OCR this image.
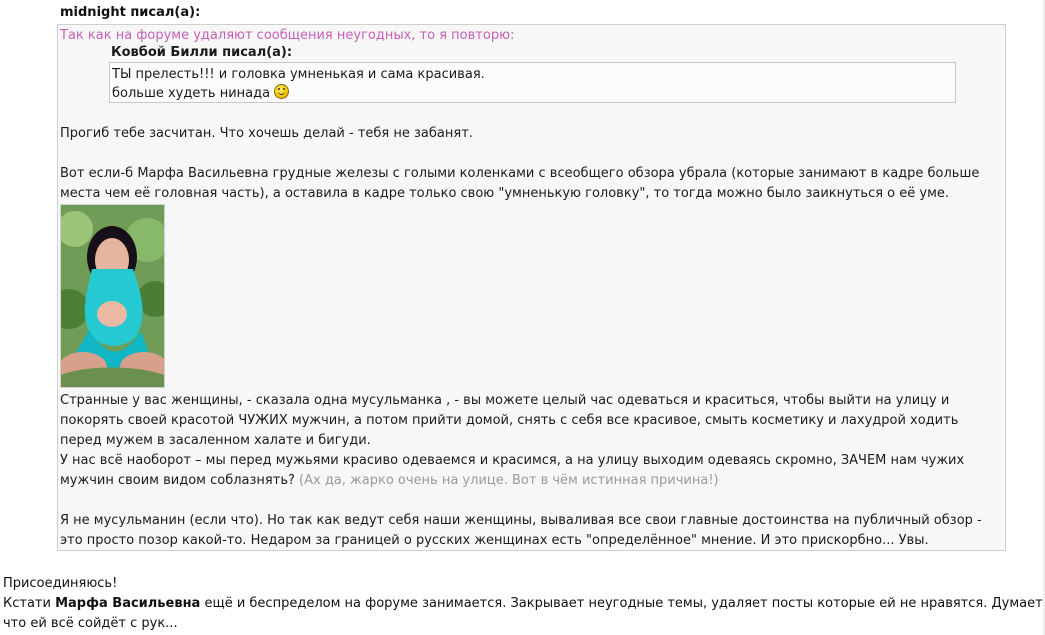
midnight писал(а):
Так как на форуме удаляют сообщения неугодных, то я повторю:
Ковбой Билли писал(а):
ТЫ прелесть!!! и головка умненькая и сама красивая.
больше худеть нинада
Прогиб тебе засчитан. Что хочешь делай - тебя не забанят.
Вот если-б Марфа Васильевна грудные железы с голыми коленками с всеобщего обзора убрала (которые занимают в кадре больше
места чем её головная часть), а оставила в кадре только свою "умненькую головку", то тогда можно было заикнуться о её уме.
Странные у вас женщины, - сказала одна мусульманка , - вы можете целый час одеваться и краситься, чтобы выйти на улицу и
покорять своей красотой ЧУЖИХ мужчин, а потом прийти домой, снять с себя все красивое, смыть косметику и лахудрой ходить
перед мужем в засаленном халате и бигуди.
У нас всё наоборот – мы перед мужьями красиво одеваемся и красимся, а на улицу выходим одеваясь скромно, ЗАЧЕМ нам чужих
мужчин своим видом соблазнять? (Ах да, жарко очень на улице. Вот в чём истинная причина!)
Я не мусульманин (если что). Но так как ведут себя наши женщины, вываливая все свои главные достоинства на публичный обзор -
это просто позор какой-то. Недаром за границей о русских женщинах есть "определённое" мнение. И это прискорбно... Увы.
Присоединяюсь!
Кстати Марфа Васильевна ещё и беспределом на форуме занимается. Закрывает неугодные темы, удаляет посты которые ей не нравятся. Думает
что ей всё сойдёт с рук...
